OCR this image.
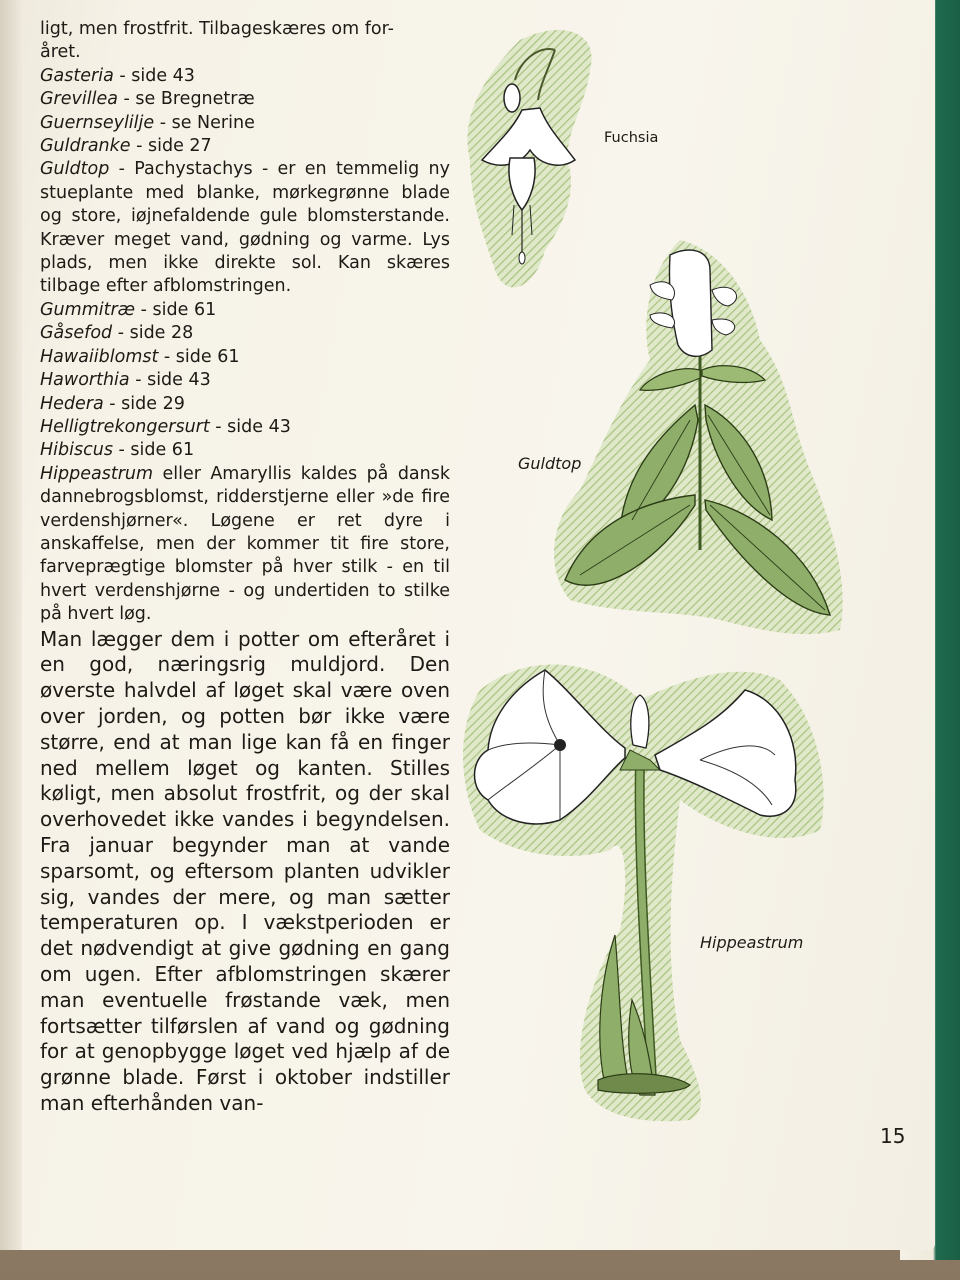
ligt, men frostfrit. Tilbageskæres om for-

året.

Gasteria - side 43

Grevillea - se Bregnetræ

Guernseylilje - se Nerine

Guldranke - side 27

Guldtop - Pachystachys - er en temmelig ny stueplante med blanke, mørkegrønne blade og store, iøjnefaldende gule blomsterstande. Kræver meget vand, gødning og varme. Lys plads, men ikke direkte sol. Kan skæres tilbage efter afblomstringen.

Gummitræ - side 61

Gåsefod - side 28

Hawaiiblomst - side 61

Haworthia - side 43

Hedera - side 29

Helligtrekongersurt - side 43

Hibiscus - side 61

Hippeastrum eller Amaryllis kaldes på dansk dannebrogsblomst, ridderstjerne eller »de fire verdenshjørner«. Løgene er ret dyre i anskaffelse, men der kommer tit fire store, farveprægtige blomster på hver stilk - en til hvert verdenshjørne - og undertiden to stilke på hvert løg.

Man lægger dem i potter om efteråret i en god, næringsrig muldjord. Den øverste halvdel af løget skal være oven over jorden, og potten bør ikke være større, end at man lige kan få en finger ned mellem løget og kanten. Stilles køligt, men absolut frostfrit, og der skal overhovedet ikke vandes i begyndelsen. Fra januar begynder man at vande sparsomt, og eftersom planten udvikler sig, vandes der mere, og man sætter temperaturen op. I vækstperioden er det nødvendigt at give gødning en gang om ugen. Efter afblomstringen skærer man eventuelle frøstande væk, men fortsætter tilførslen af vand og gødning for at genopbygge løget ved hjælp af de grønne blade. Først i oktober indstiller man efterhånden van-

Fuchsia
Guldtop
Hippeastrum
15
